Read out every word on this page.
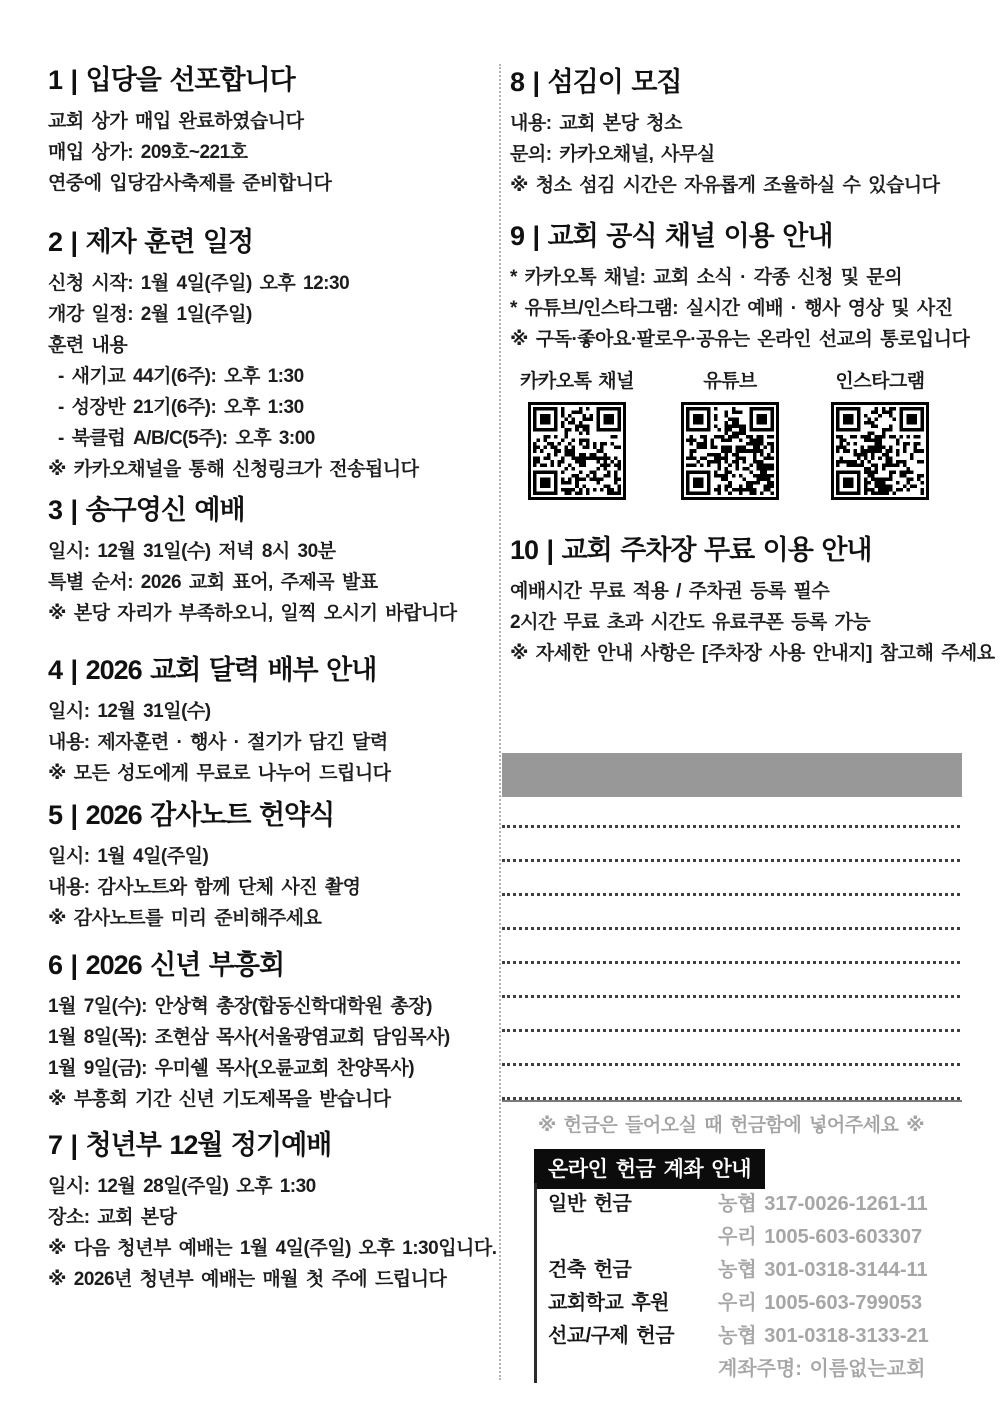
1 | 입당을 선포합니다
교회 상가 매입 완료하였습니다
매입 상가: 209호~221호
연중에 입당감사축제를 준비합니다
2 | 제자 훈련 일정
신청 시작: 1월 4일(주일) 오후 12:30
개강 일정: 2월 1일(주일)
훈련 내용
- 새기교 44기(6주): 오후 1:30
- 성장반 21기(6주): 오후 1:30
- 북클럽 A/B/C(5주): 오후 3:00
※ 카카오채널을 통해 신청링크가 전송됩니다
3 | 송구영신 예배
일시: 12월 31일(수) 저녁 8시 30분
특별 순서: 2026 교회 표어, 주제곡 발표
※ 본당 자리가 부족하오니, 일찍 오시기 바랍니다
4 | 2026 교회 달력 배부 안내
일시: 12월 31일(수)
내용: 제자훈련 · 행사 · 절기가 담긴 달력
※ 모든 성도에게 무료로 나누어 드립니다
5 | 2026 감사노트 헌약식
일시: 1월 4일(주일)
내용: 감사노트와 함께 단체 사진 촬영
※ 감사노트를 미리 준비해주세요
6 | 2026 신년 부흥회
1월 7일(수): 안상혁 총장(합동신학대학원 총장)
1월 8일(목): 조현삼 목사(서울광염교회 담임목사)
1월 9일(금): 우미쉘 목사(오륜교회 찬양목사)
※ 부흥회 기간 신년 기도제목을 받습니다
7 | 청년부 12월 정기예배
일시: 12월 28일(주일) 오후 1:30
장소: 교회 본당
※ 다음 청년부 예배는 1월 4일(주일) 오후 1:30입니다.
※ 2026년 청년부 예배는 매월 첫 주에 드립니다
8 | 섬김이 모집
내용: 교회 본당 청소
문의: 카카오채널, 사무실
※ 청소 섬김 시간은 자유롭게 조율하실 수 있습니다
9 | 교회 공식 채널 이용 안내
* 카카오톡 채널: 교회 소식 · 각종 신청 및 문의
* 유튜브/인스타그램: 실시간 예배 · 행사 영상 및 사진
※ 구독·좋아요·팔로우·공유는 온라인 선교의 통로입니다
카카오톡 채널	유튜브	인스타그램
10 | 교회 주차장 무료 이용 안내
예배시간 무료 적용 / 주차권 등록 필수
2시간 무료 초과 시간도 유료쿠폰 등록 가능
※ 자세한 안내 사항은 [주차장 사용 안내지] 참고해 주세요
※ 헌금은 들어오실 때 헌금함에 넣어주세요 ※
온라인 헌금 계좌 안내
일반 헌금	농협 317-0026-1261-11
우리 1005-603-603307
건축 헌금	농협 301-0318-3144-11
교회학교 후원 우리 1005-603-799053
선교/구제 헌금 농협 301-0318-3133-21
계좌주명: 이름없는교회
